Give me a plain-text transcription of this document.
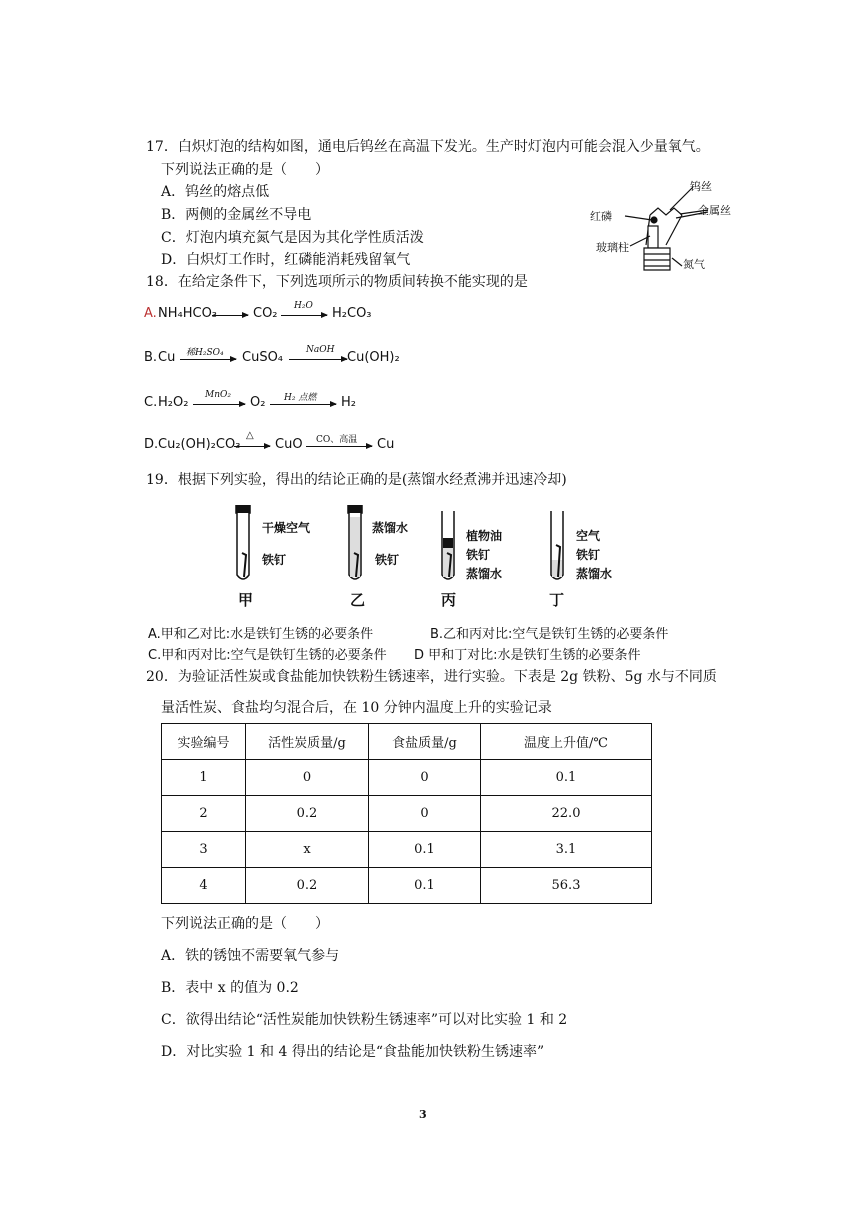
17．白炽灯泡的结构如图，通电后钨丝在高温下发光。生产时灯泡内可能会混入少量氧气。
下列说法正确的是（　　）
A．钨丝的熔点低
B．两侧的金属丝不导电
C．灯泡内填充氮气是因为其化学性质活泼
D．白炽灯工作时，红磷能消耗残留氧气
钨丝
金属丝
红磷
玻璃柱
氮气
18．在给定条件下，下列选项所示的物质间转换不能实现的是
A. NH₄HCO₃	CO₂ H₂O H₂CO₃
B. Cu 稀H₂SO₄ CuSO₄	NaOH Cu(OH)₂
C. H₂O₂ MnO₂ O₂ H₂ 点燃 H₂
D. Cu₂(OH)₂CO₃
△
CuO CO、高温 Cu
19．根据下列实验，得出的结论正确的是(蒸馏水经煮沸并迅速冷却)
干燥空气
铁钉
甲
蒸馏水
铁钉
乙
植物油
铁钉
蒸馏水
丙
空气
铁钉
蒸馏水
丁
A.甲和乙对比:水是铁钉生锈的必要条件	B.乙和丙对比:空气是铁钉生锈的必要条件
C.甲和丙对比:空气是铁钉生锈的必要条件 D 甲和丁对比:水是铁钉生锈的必要条件
20．为验证活性炭或食盐能加快铁粉生锈速率，进行实验。下表是 2g 铁粉、5g 水与不同质
量活性炭、食盐均匀混合后，在 10 分钟内温度上升的实验记录
实验编号	活性炭质量/g	食盐质量/g	温度上升值/℃
1	0	0	0.1
2	0.2	0	22.0
3	x	0.1	3.1
4	0.2	0.1	56.3
下列说法正确的是（　　）
A．铁的锈蚀不需要氧气参与
B．表中 x 的值为 0.2
C．欲得出结论“活性炭能加快铁粉生锈速率”可以对比实验 1 和 2
D．对比实验 1 和 4 得出的结论是“食盐能加快铁粉生锈速率”
3
